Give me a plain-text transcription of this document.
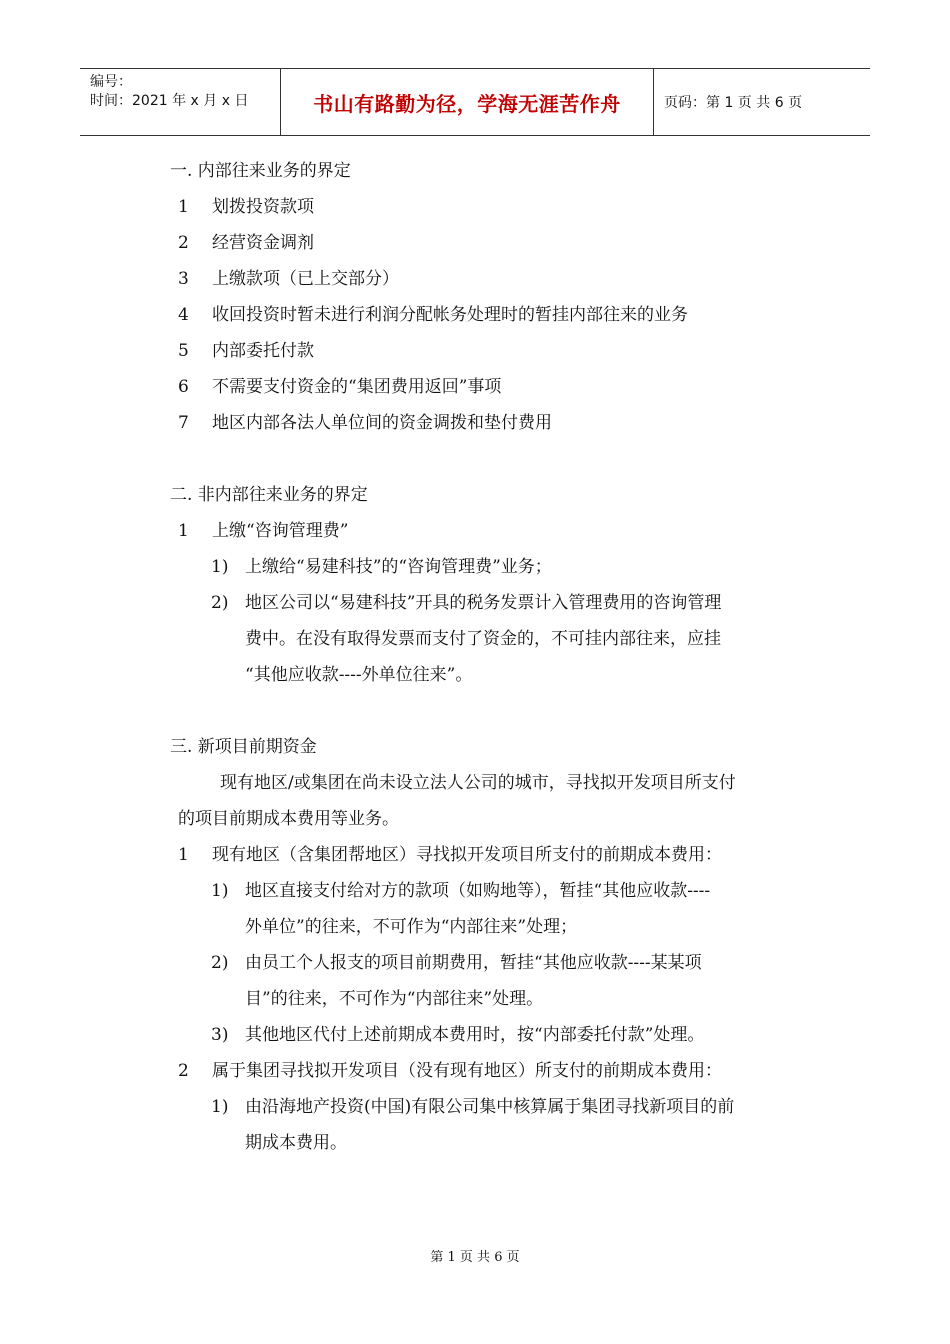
编号：
时间：2021 年 x 月 x 日	书山有路勤为径，学海无涯苦作舟	页码：第 1 页 共 6 页
一. 内部往来业务的界定
1 划拨投资款项
2 经营资金调剂
3 上缴款项（已上交部分）
4 收回投资时暂未进行利润分配帐务处理时的暂挂内部往来的业务
5 内部委托付款
6 不需要支付资金的“集团费用返回”事项
7 地区内部各法人单位间的资金调拨和垫付费用
二. 非内部往来业务的界定
1 上缴“咨询管理费”
1) 上缴给“易建科技”的“咨询管理费”业务；
2) 地区公司以“易建科技”开具的税务发票计入管理费用的咨询管理
费中。在没有取得发票而支付了资金的，不可挂内部往来，应挂
“其他应收款----外单位往来”。
三. 新项目前期资金
现有地区/或集团在尚未设立法人公司的城市，寻找拟开发项目所支付
的项目前期成本费用等业务。
1 现有地区（含集团帮地区）寻找拟开发项目所支付的前期成本费用：
1) 地区直接支付给对方的款项（如购地等），暂挂“其他应收款----
外单位”的往来，不可作为“内部往来”处理；
2) 由员工个人报支的项目前期费用，暂挂“其他应收款----某某项
目”的往来，不可作为“内部往来”处理。
3) 其他地区代付上述前期成本费用时，按“内部委托付款”处理。
2 属于集团寻找拟开发项目（没有现有地区）所支付的前期成本费用：
1) 由沿海地产投资(中国)有限公司集中核算属于集团寻找新项目的前
期成本费用。
第 1 页 共 6 页
